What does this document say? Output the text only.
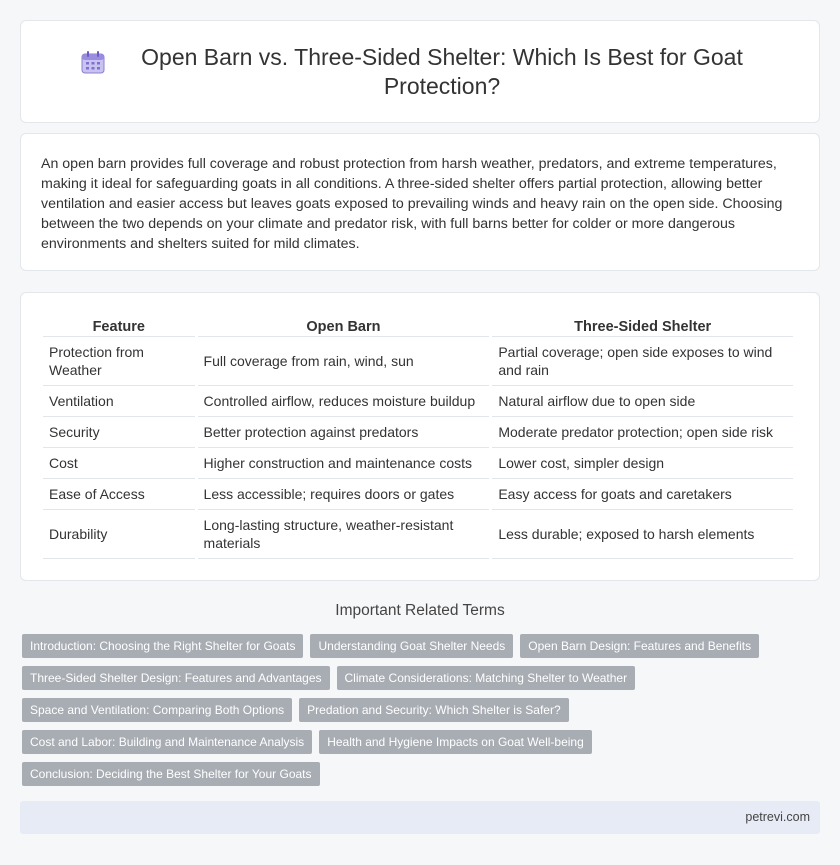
Open Barn vs. Three-Sided Shelter: Which Is Best for Goat Protection?

An open barn provides full coverage and robust protection from harsh weather, predators, and extreme temperatures, making it ideal for safeguarding goats in all conditions. A three-sided shelter offers partial protection, allowing better ventilation and easier access but leaves goats exposed to prevailing winds and heavy rain on the open side. Choosing between the two depends on your climate and predator risk, with full barns better for colder or more dangerous environments and shelters suited for mild climates.

Feature	Open Barn	Three-Sided Shelter
Protection from Weather	Full coverage from rain, wind, sun	Partial coverage; open side exposes to wind and rain
Ventilation	Controlled airflow, reduces moisture buildup	Natural airflow due to open side
Security	Better protection against predators	Moderate predator protection; open side risk
Cost	Higher construction and maintenance costs	Lower cost, simpler design
Ease of Access	Less accessible; requires doors or gates	Easy access for goats and caretakers
Durability	Long-lasting structure, weather-resistant materials	Less durable; exposed to harsh elements
Important Related Terms
Introduction: Choosing the Right Shelter for Goats	Understanding Goat Shelter Needs	Open Barn Design: Features and Benefits
Three-Sided Shelter Design: Features and Advantages	Climate Considerations: Matching Shelter to Weather
Space and Ventilation: Comparing Both Options	Predation and Security: Which Shelter is Safer?
Cost and Labor: Building and Maintenance Analysis	Health and Hygiene Impacts on Goat Well-being
Conclusion: Deciding the Best Shelter for Your Goats
petrevi.com
